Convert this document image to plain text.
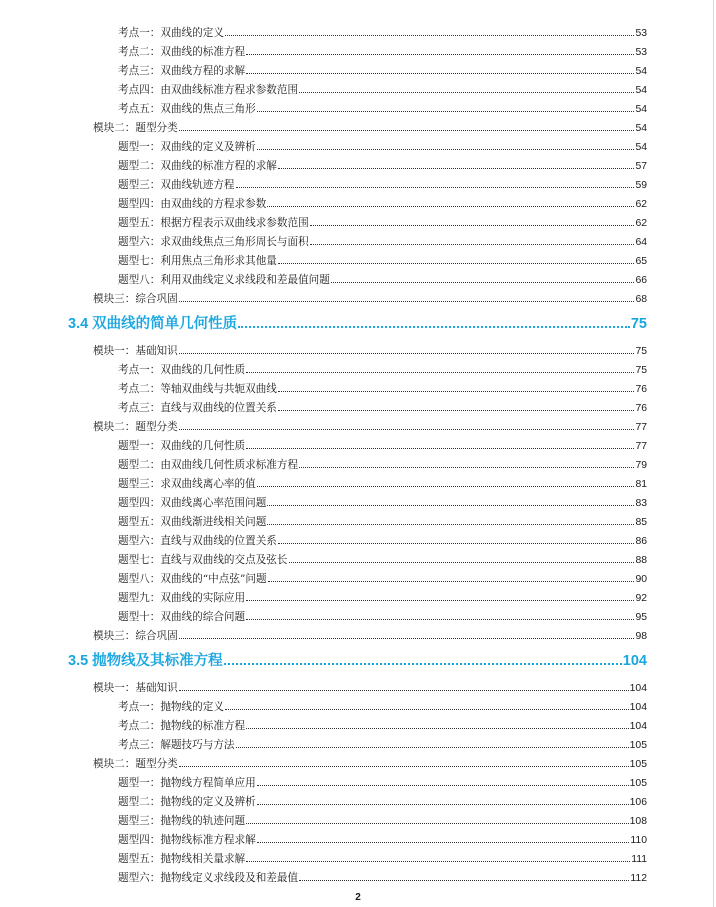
考点一：双曲线的定义	53
考点二：双曲线的标准方程	53
考点三：双曲线方程的求解	54
考点四：由双曲线标准方程求参数范围	54
考点五：双曲线的焦点三角形	54
模块二：题型分类	54
题型一：双曲线的定义及辨析	54
题型二：双曲线的标准方程的求解	57
题型三：双曲线轨迹方程	59
题型四：由双曲线的方程求参数	62
题型五：根据方程表示双曲线求参数范围	62
题型六：求双曲线焦点三角形周长与面积	64
题型七：利用焦点三角形求其他量	65
题型八：利用双曲线定义求线段和差最值问题	66
模块三：综合巩固	68
3.4 双曲线的简单几何性质	75
模块一：基础知识	75
考点一：双曲线的几何性质	75
考点二：等轴双曲线与共轭双曲线	76
考点三：直线与双曲线的位置关系	76
模块二：题型分类	77
题型一：双曲线的几何性质	77
题型二：由双曲线几何性质求标准方程	79
题型三：求双曲线离心率的值	81
题型四：双曲线离心率范围问题	83
题型五：双曲线渐进线相关问题	85
题型六：直线与双曲线的位置关系	86
题型七：直线与双曲线的交点及弦长	88
题型八：双曲线的“中点弦”问题	90
题型九：双曲线的实际应用	92
题型十：双曲线的综合问题	95
模块三：综合巩固	98
3.5 抛物线及其标准方程	104
模块一：基础知识	104
考点一：抛物线的定义	104
考点二：抛物线的标准方程	104
考点三：解题技巧与方法	105
模块二：题型分类	105
题型一：抛物线方程简单应用	105
题型二：抛物线的定义及辨析	106
题型三：抛物线的轨迹问题	108
题型四：抛物线标准方程求解	110
题型五：抛物线相关量求解	111
题型六：抛物线定义求线段及和差最值	112
2
